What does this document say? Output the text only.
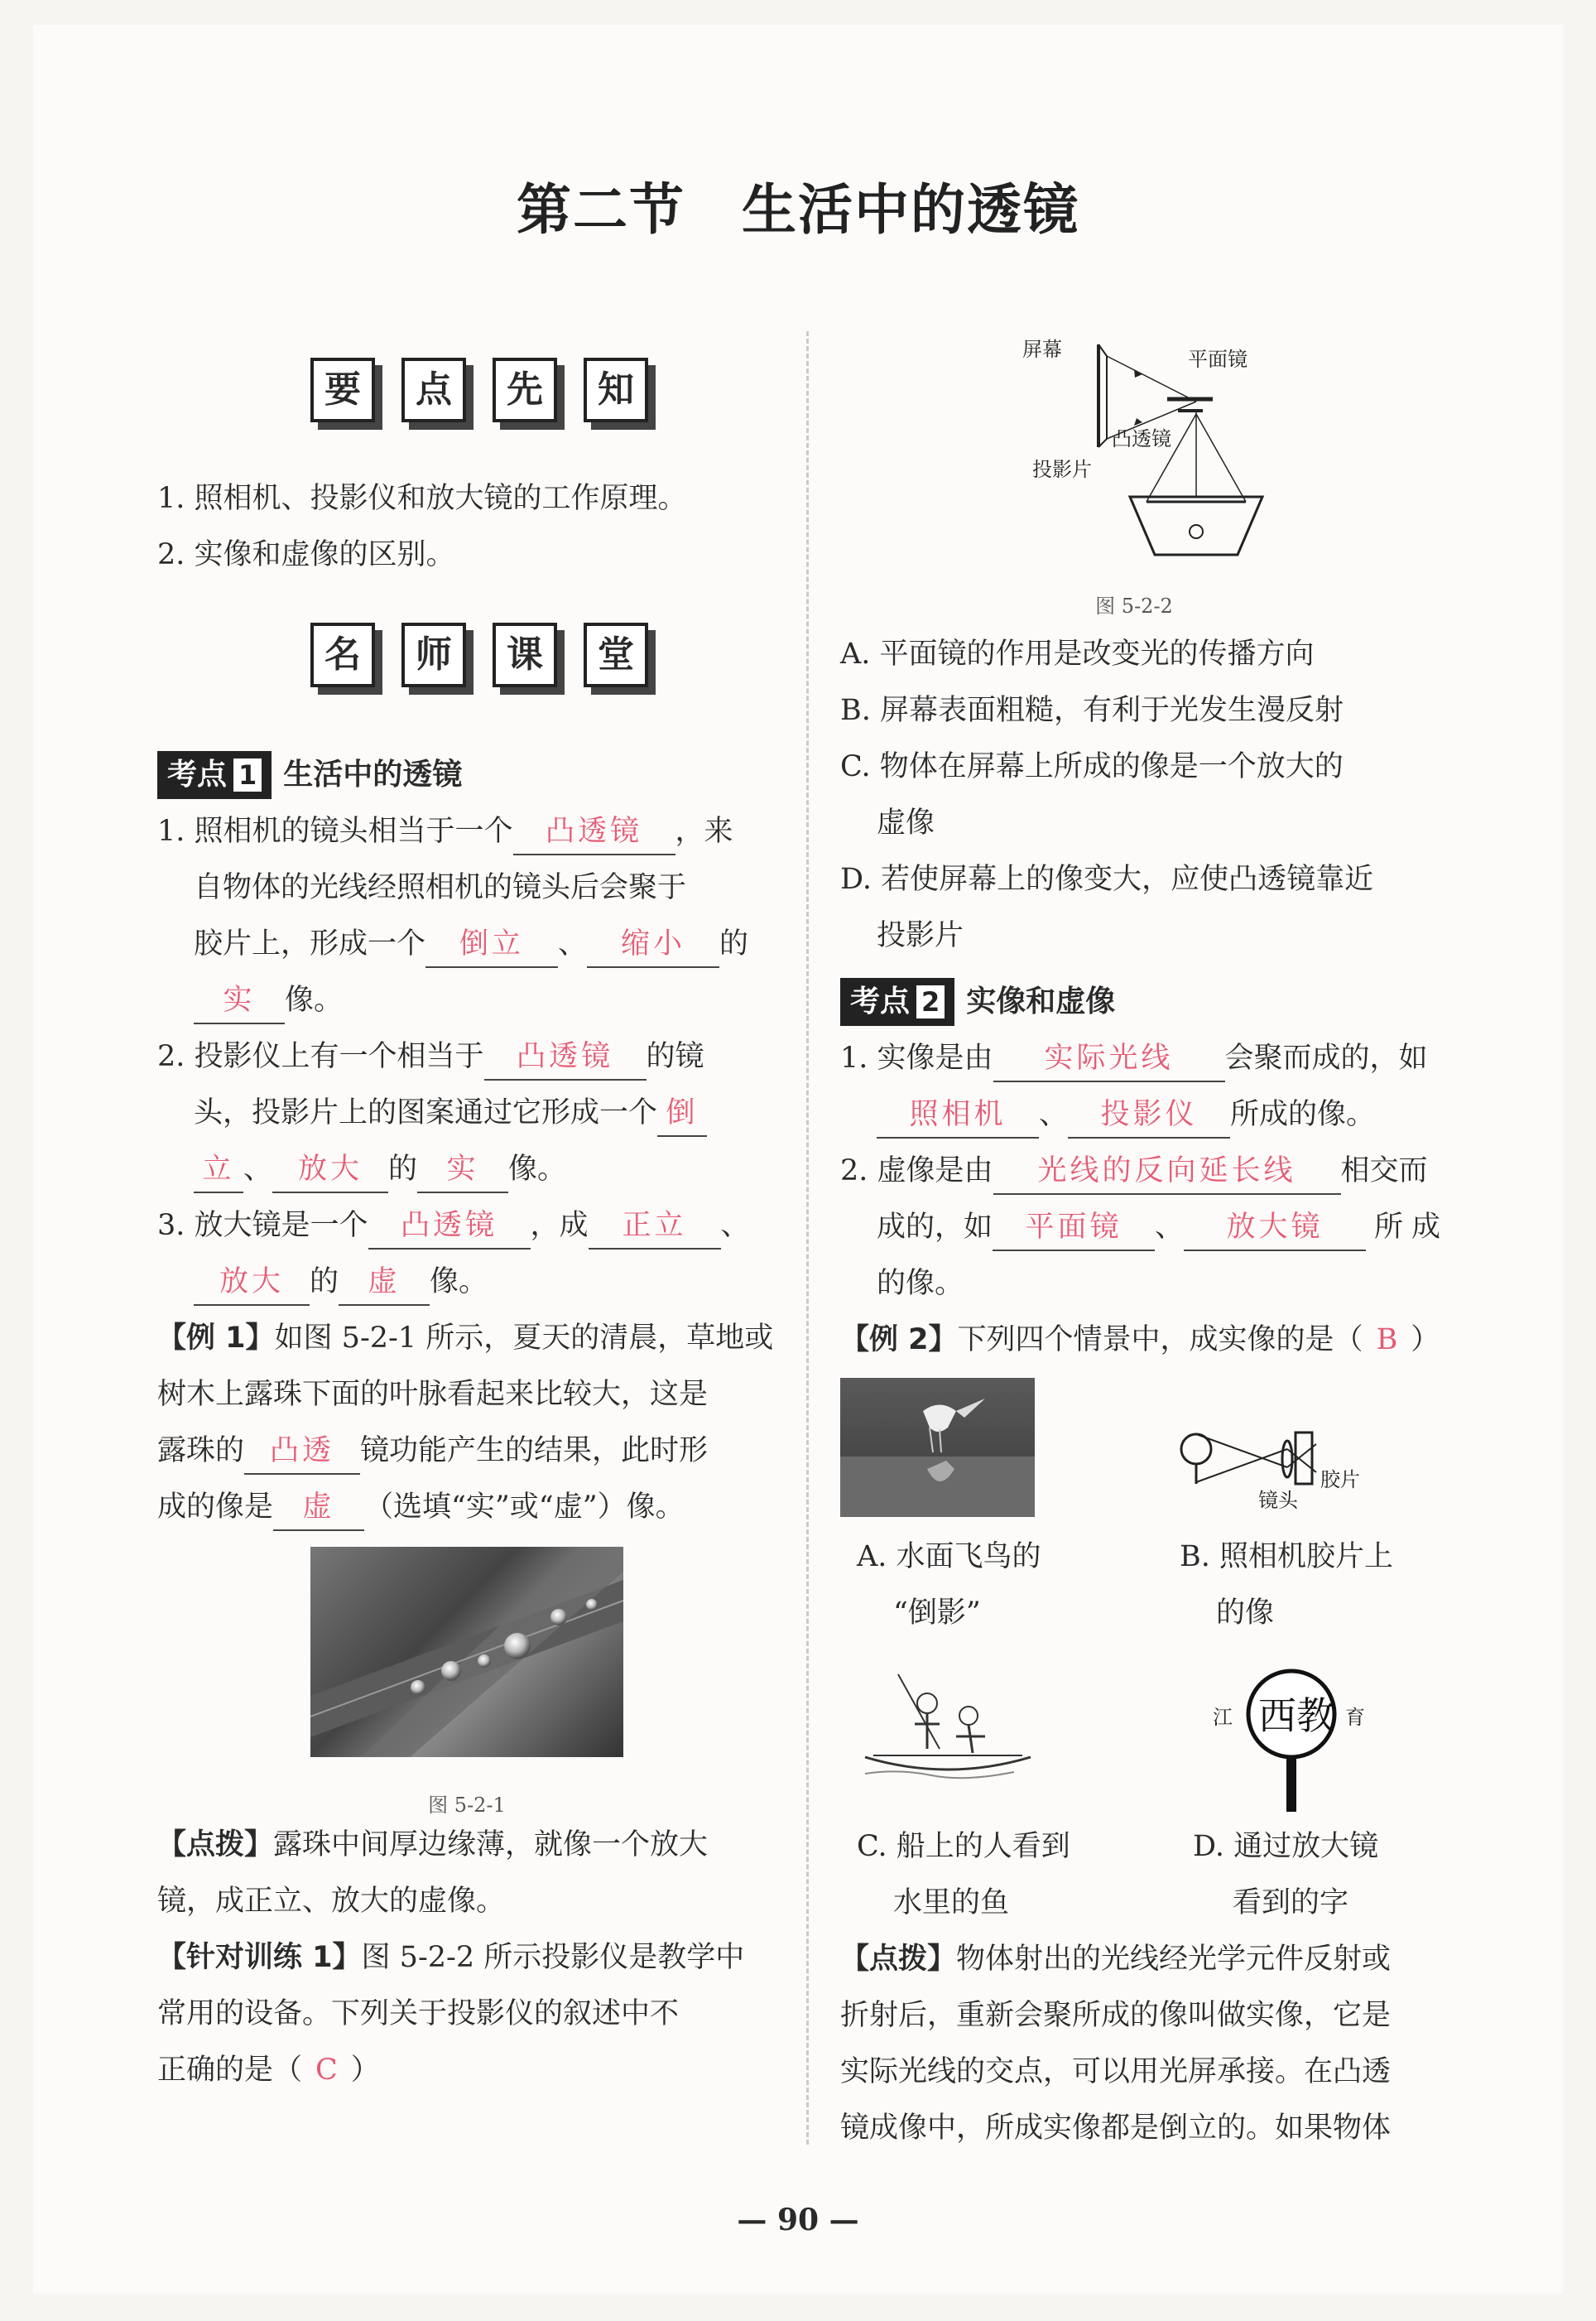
第二节　生活中的透镜
要	点	先	知
1. 照相机、投影仪和放大镜的工作原理。
2. 实像和虚像的区别。
名	师	课	堂
考点 1 生活中的透镜
1. 照相机的镜头相当于一个 凸透镜 ，来
自物体的光线经照相机的镜头后会聚于
胶片上，形成一个 倒立 、 缩小 的
实 像。
2. 投影仪上有一个相当于 凸透镜 的镜
头，投影片上的图案通过它形成一个 倒
立 、 放大 的 实 像。
3. 放大镜是一个 凸透镜 ，成 正立 、
放大 的 虚 像。
【例 1】如图 5-2-1 所示，夏天的清晨，草地或
树木上露珠下面的叶脉看起来比较大，这是
露珠的 凸透 镜功能产生的结果，此时形
成的像是 虚 （选填“实”或“虚”）像。
图 5-2-1
【点拨】露珠中间厚边缘薄，就像一个放大
镜，成正立、放大的虚像。
【针对训练 1】图 5-2-2 所示投影仪是教学中
常用的设备。下列关于投影仪的叙述中不
正确的是（ C ）
屏幕	平面镜
凸透镜
投影片
图 5-2-2
A. 平面镜的作用是改变光的传播方向
B. 屏幕表面粗糙，有利于光发生漫反射
C. 物体在屏幕上所成的像是一个放大的
虚像
D. 若使屏幕上的像变大，应使凸透镜靠近
投影片
考点 2 实像和虚像
1. 实像是由 实际光线 会聚而成的，如
照相机 、 投影仪 所成的像。
2. 虚像是由 光线的反向延长线 相交而
成的，如 平面镜 、 放大镜 所成
的像。
【例 2】下列四个情景中，成实像的是（ B ）
镜头
胶片
A. 水面飞鸟的
“倒影”
B. 照相机胶片上
的像
江 西教 育
C. 船上的人看到
水里的鱼
D. 通过放大镜
看到的字
【点拨】物体射出的光线经光学元件反射或
折射后，重新会聚所成的像叫做实像，它是
实际光线的交点，可以用光屏承接。在凸透
镜成像中，所成实像都是倒立的。如果物体
— 90 —
